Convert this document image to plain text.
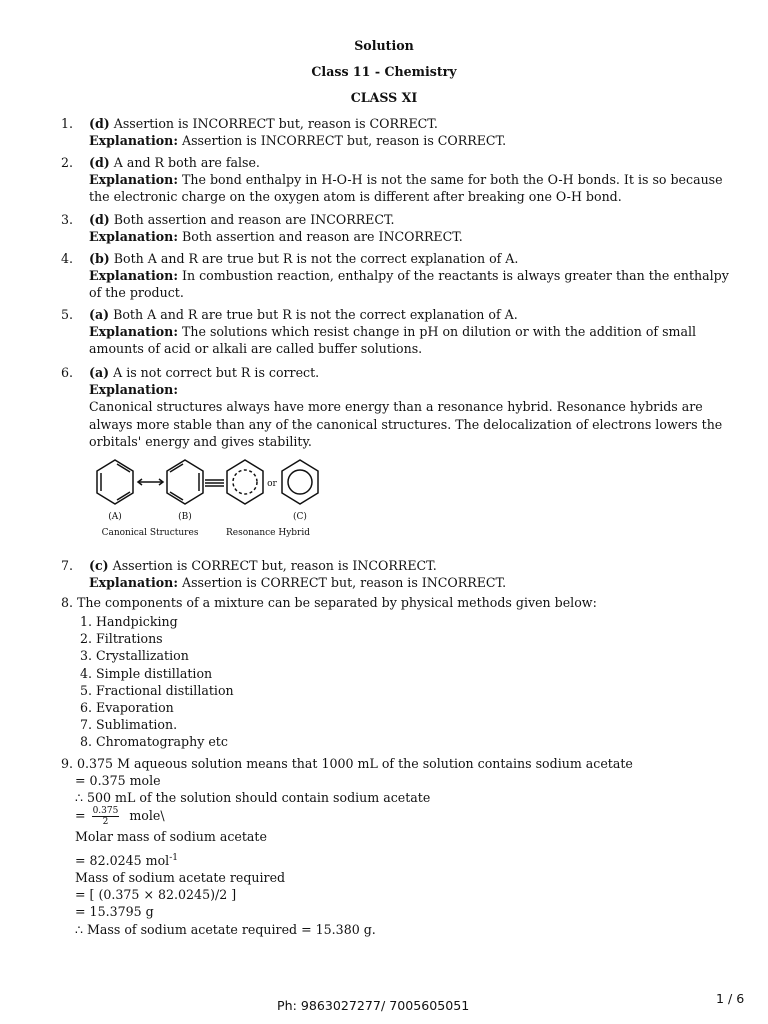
Solution
Class 11 - Chemistry
CLASS XI
1. (d) Assertion is INCORRECT but, reason is CORRECT.
Explanation: Assertion is INCORRECT but, reason is CORRECT.
2. (d) A and R both are false.
Explanation: The bond enthalpy in H-O-H is not the same for both the O-H bonds. It is so because the electronic charge on the oxygen atom is different after breaking one O-H bond.
3. (d) Both assertion and reason are INCORRECT.
Explanation: Both assertion and reason are INCORRECT.
4. (b) Both A and R are true but R is not the correct explanation of A.
Explanation: In combustion reaction, enthalpy of the reactants is always greater than the enthalpy of the product.
5. (a) Both A and R are true but R is not the correct explanation of A.
Explanation: The solutions which resist change in pH on dilution or with the addition of small amounts of acid or alkali are called buffer solutions.
6. (a) A is not correct but R is correct.
Explanation:
Canonical structures always have more energy than a resonance hybrid. Resonance hybrids are always more stable than any of the canonical structures. The delocalization of electrons lowers the orbitals' energy and gives stability.
or
(A)	(B)	(C)
Canonical Structures	Resonance Hybrid
7. (c) Assertion is CORRECT but, reason is INCORRECT.
Explanation: Assertion is CORRECT but, reason is INCORRECT.
8. The components of a mixture can be separated by physical methods given below:
1. Handpicking
2. Filtrations
3. Crystallization
4. Simple distillation
5. Fractional distillation
6. Evaporation
7. Sublimation.
8. Chromatography etc
9. 0.375 M aqueous solution means that 1000 mL of the solution contains sodium acetate
= 0.375 mole
∴ 500 mL of the solution should contain sodium acetate
= $\frac{0.375}{2}$ mole\
Molar mass of sodium acetate
= 82.0245 mol$^{-1}$
Mass of sodium acetate required
= [ (0.375 × 82.0245)/2 ]
= 15.3795 g
∴ Mass of sodium acetate required = 15.380 g.
Ph: 9863027277/ 7005605051	1 / 6
